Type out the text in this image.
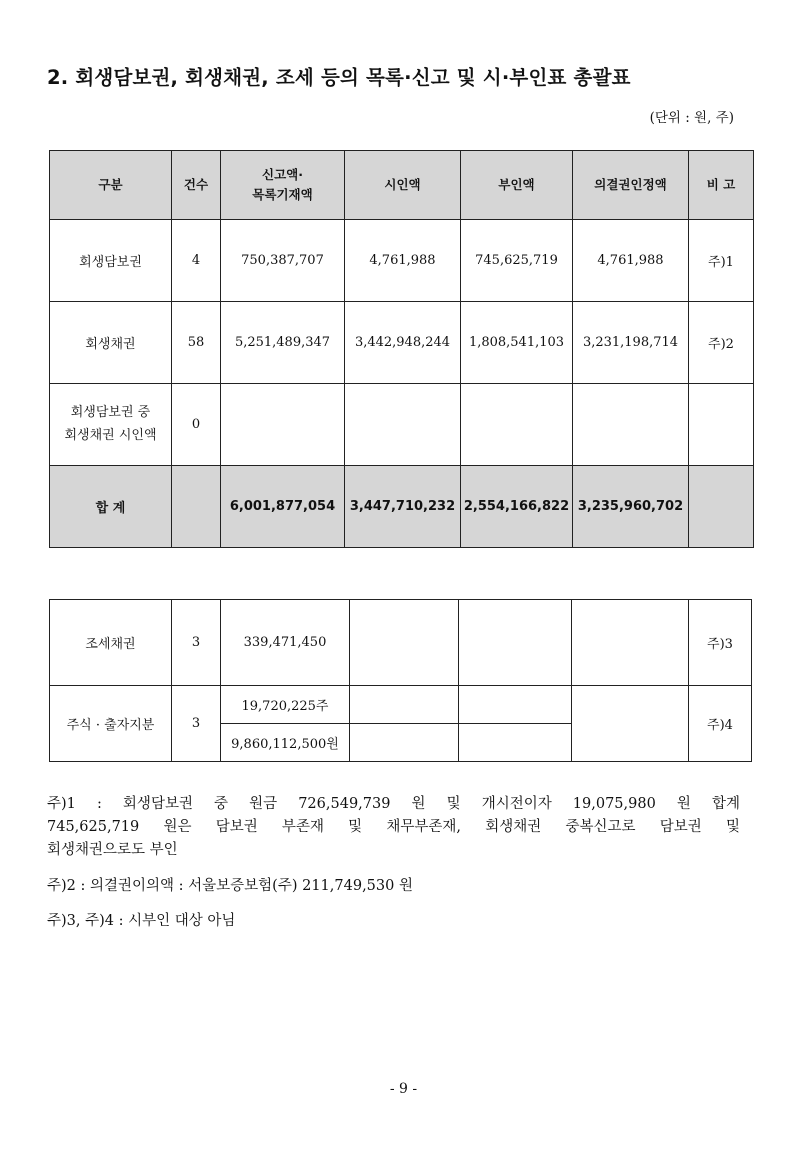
2. 회생담보권, 회생채권, 조세 등의 목록·신고 및 시·부인표 총괄표
(단위 : 원, 주)
구분	건수	신고액·
목록기재액	시인액	부인액	의결권인정액	비 고
회생담보권	4	750,387,707	4,761,988	745,625,719	4,761,988	주)1
회생채권	58	5,251,489,347	3,442,948,244	1,808,541,103	3,231,198,714	주)2
회생담보권 중
회생채권 시인액	0					
합 계		6,001,877,054	3,447,710,232	2,554,166,822	3,235,960,702	
조세채권	3	339,471,450				주)3
주식 · 출자지분	3	19,720,225주				주)4
		9,860,112,500원				
주)1 : 회생담보권 중 원금 726,549,739 원 및 개시전이자 19,075,980 원 합계
745,625,719 원은 담보권 부존재 및 채무부존재, 회생채권 중복신고로 담보권 및
회생채권으로도 부인
주)2 : 의결권이의액 : 서울보증보험(주) 211,749,530 원
주)3, 주)4 : 시부인 대상 아님
- 9 -
